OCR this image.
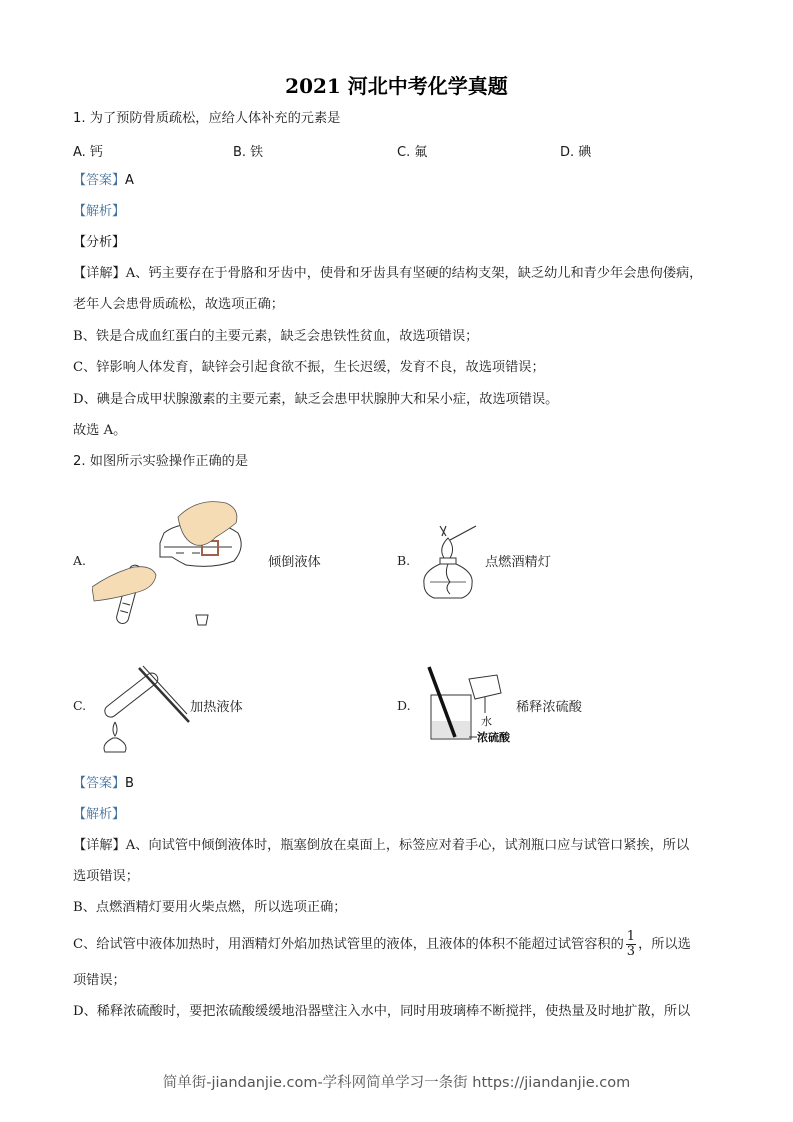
2021 河北中考化学真题
1. 为了预防骨质疏松，应给人体补充的元素是
A. 钙	B. 铁	C. 氟	D. 碘
【答案】A
【解析】
【分析】
【详解】A、钙主要存在于骨胳和牙齿中，使骨和牙齿具有坚硬的结构支架，缺乏幼儿和青少年会患佝偻病，
老年人会患骨质疏松，故选项正确；
B、铁是合成血红蛋白的主要元素，缺乏会患铁性贫血，故选项错误；
C、锌影响人体发育，缺锌会引起食欲不振，生长迟缓，发育不良，故选项错误；
D、碘是合成甲状腺激素的主要元素，缺乏会患甲状腺肿大和呆小症，故选项错误。
故选 A。
2. 如图所示实验操作正确的是
A.	倾倒液体	B.	点燃酒精灯
C.	加热液体	D.
水
浓硫酸
稀释浓硫酸
【答案】B
【解析】
【详解】A、向试管中倾倒液体时，瓶塞倒放在桌面上，标签应对着手心，试剂瓶口应与试管口紧挨，所以
选项错误；
B、点燃酒精灯要用火柴点燃，所以选项正确；
C、给试管中液体加热时，用酒精灯外焰加热试管里的液体，且液体的体积不能超过试管容积的 $\frac{1}{3}$ ，所以选
项错误；
D、稀释浓硫酸时，要把浓硫酸缓缓地沿器壁注入水中，同时用玻璃棒不断搅拌，使热量及时地扩散，所以
简单街-jiandanjie.com-学科网简单学习一条街 https://jiandanjie.com
